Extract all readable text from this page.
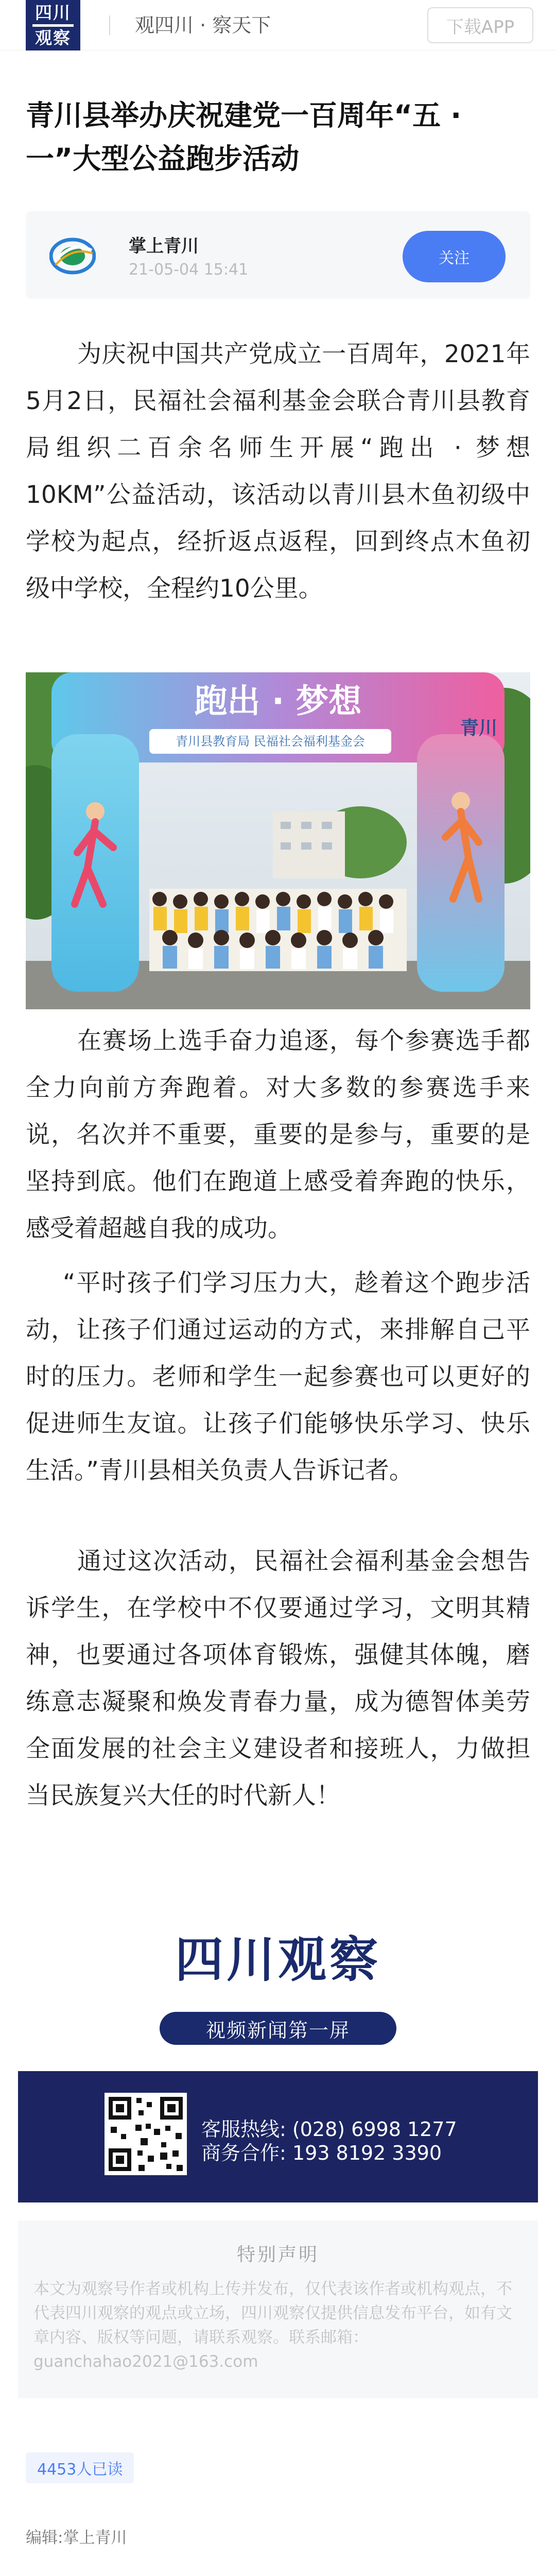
四川
观察
观四川 · 察天下	下载APP
青川县举办庆祝建党一百周年“五 · 一”大型公益跑步活动
掌上青川
21-05-04 15:41
关注

为庆祝中国共产党成立一百周年，2021年5月2日，民福社会福利基金会联合青川县教育局组织二百余名师生开展“跑出 · 梦想 10KM”公益活动，该活动以青川县木鱼初级中学校为起点，经折返点返程，回到终点木鱼初级中学校，全程约10公里。

跑出 · 梦想
青川县教育局 民福社会福利基金会
青川

在赛场上选手奋力追逐，每个参赛选手都全力向前方奔跑着。对大多数的参赛选手来说，名次并不重要，重要的是参与，重要的是坚持到底。他们在跑道上感受着奔跑的快乐，感受着超越自我的成功。

“平时孩子们学习压力大，趁着这个跑步活动，让孩子们通过运动的方式，来排解自己平时的压力。老师和学生一起参赛也可以更好的促进师生友谊。让孩子们能够快乐学习、快乐生活。”青川县相关负责人告诉记者。

通过这次活动，民福社会福利基金会想告诉学生，在学校中不仅要通过学习，文明其精神，也要通过各项体育锻炼，强健其体魄，磨练意志凝聚和焕发青春力量，成为德智体美劳全面发展的社会主义建设者和接班人，力做担当民族复兴大任的时代新人！

四川观察
视频新闻第一屏
客服热线: (028) 6998 1277
商务合作: 193 8192 3390
特别声明
本文为观察号作者或机构上传并发布，仅代表该作者或机构观点，不代表四川观察的观点或立场，四川观察仅提供信息发布平台，如有文章内容、版权等问题，请联系观察。联系邮箱：guanchahao2021@163.com
4453人已读
编辑:掌上青川
